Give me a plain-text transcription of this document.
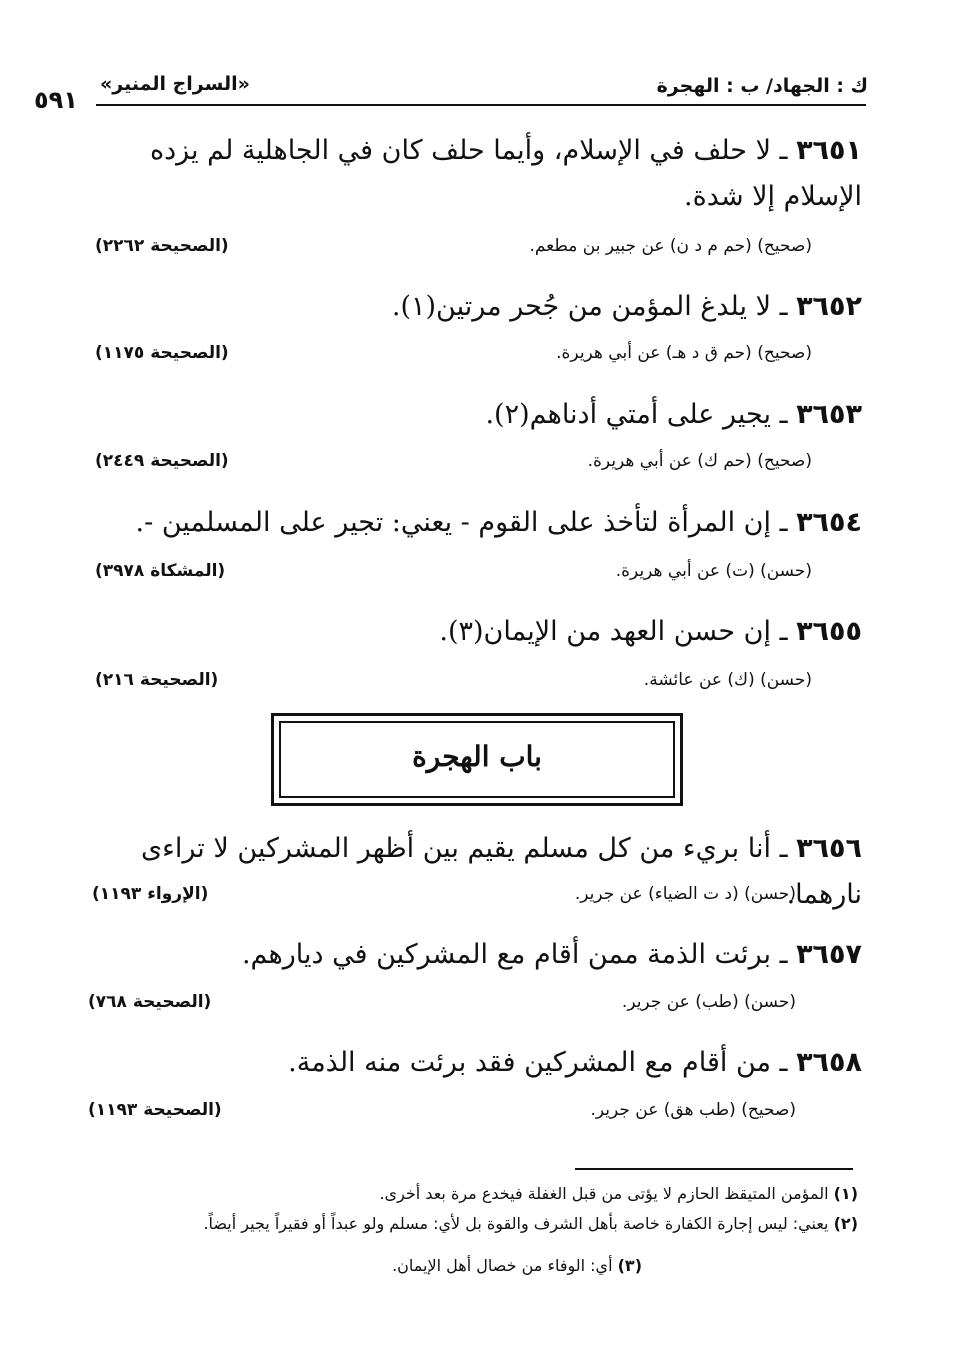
ك : الجهاد/ ب : الهجرة
«السراج المنير»
٥٩١
٣٦٥١ ـ لا حلف في الإسلام، وأيما حلف كان في الجاهلية لم يزده الإسلام إلا شدة.
(صحيح) (حم م د ن) عن جبير بن مطعم.
(الصحيحة ٢٢٦٢)
٣٦٥٢ ـ لا يلدغ المؤمن من جُحر مرتين(١).
(صحيح) (حم ق د هـ) عن أبي هريرة.
(الصحيحة ١١٧٥)
٣٦٥٣ ـ يجير على أمتي أدناهم(٢).
(صحيح) (حم ك) عن أبي هريرة.
(الصحيحة ٢٤٤٩)
٣٦٥٤ ـ إن المرأة لتأخذ على القوم - يعني: تجير على المسلمين -.
(حسن) (ت) عن أبي هريرة.
(المشكاة ٣٩٧٨)
٣٦٥٥ ـ إن حسن العهد من الإيمان(٣).
(حسن) (ك) عن عائشة.
(الصحيحة ٢١٦)
باب الهجرة
٣٦٥٦ ـ أنا بريء من كل مسلم يقيم بين أظهر المشركين لا تراءى نارهما.
(حسن) (د ت الضياء) عن جرير.
(الإرواء ١١٩٣)
٣٦٥٧ ـ برئت الذمة ممن أقام مع المشركين في ديارهم.
(حسن) (طب) عن جرير.
(الصحيحة ٧٦٨)
٣٦٥٨ ـ من أقام مع المشركين فقد برئت منه الذمة.
(صحيح) (طب هق) عن جرير.
(الصحيحة ١١٩٣)
(١) المؤمن المتيقظ الحازم لا يؤتى من قبل الغفلة فيخدع مرة بعد أخرى.
(٢) يعني: ليس إجارة الكفارة خاصة بأهل الشرف والقوة بل لأي: مسلم ولو عبداً أو فقيراً يجير أيضاً.
(٣) أي: الوفاء من خصال أهل الإيمان.
